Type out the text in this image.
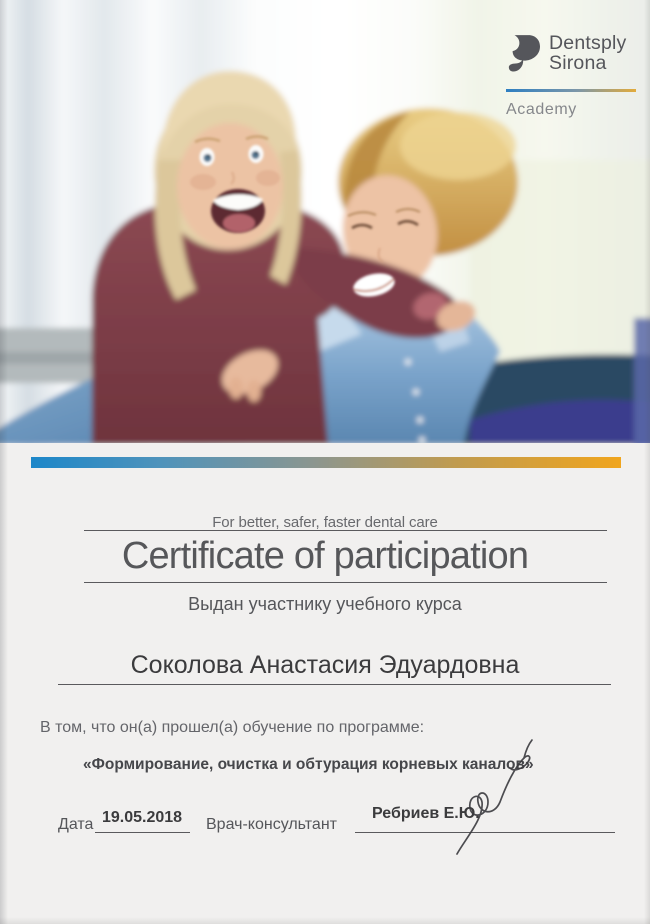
Dentsply
Sirona
Academy
For better, safer, faster dental care
Certificate of participation
Выдан участнику учебного курса
Соколова Анастасия Эдуардовна
В том, что он(а) прошел(а) обучение по программе:
«Формирование, очистка и обтурация корневых каналов»
Дата 19.05.2018	Врач-консультант
Ребриев Е.Ю.
